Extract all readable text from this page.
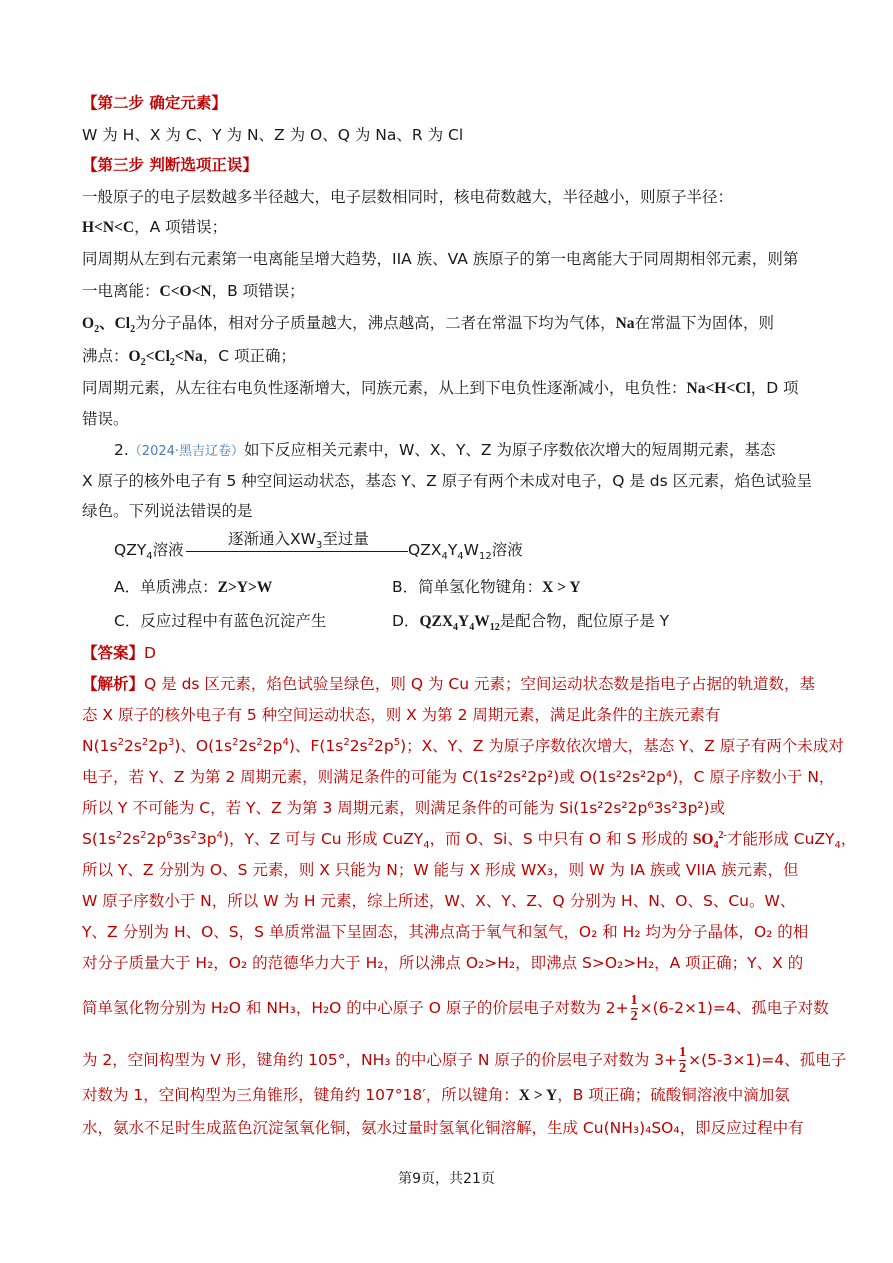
【第二步 确定元素】
W 为 H、X 为 C、Y 为 N、Z 为 O、Q 为 Na、R 为 Cl
【第三步 判断选项正误】
一般原子的电子层数越多半径越大，电子层数相同时，核电荷数越大，半径越小，则原子半径：
H<N<C，A 项错误；
同周期从左到右元素第一电离能呈增大趋势，IIA 族、VA 族原子的第一电离能大于同周期相邻元素，则第
一电离能：C<O<N，B 项错误；
$O_2$、$Cl_2$为分子晶体，相对分子质量越大，沸点越高，二者在常温下均为气体，Na在常温下为固体，则
沸点：$O_2<Cl_2<Na$，C 项正确；
同周期元素，从左往右电负性逐渐增大，同族元素，从上到下电负性逐渐减小，电负性：Na<H<Cl，D 项
错误。
2.（2024·黑吉辽卷）如下反应相关元素中，W、X、Y、Z 为原子序数依次增大的短周期元素，基态
X 原子的核外电子有 5 种空间运动状态，基态 Y、Z 原子有两个未成对电子，Q 是 ds 区元素，焰色试验呈
绿色。下列说法错误的是
$QZY_4$溶液
逐渐通入$XW_3$至过量
$QZX_4Y_4W_{12}$溶液
A．单质沸点：Z>Y>W	B．简单氢化物键角：X > Y
C．反应过程中有蓝色沉淀产生	D．$QZX_4Y_4W_{12}$是配合物，配位原子是 Y
【答案】D
【解析】Q 是 ds 区元素，焰色试验呈绿色，则 Q 为 Cu 元素；空间运动状态数是指电子占据的轨道数，基
态 X 原子的核外电子有 5 种空间运动状态，则 X 为第 2 周期元素，满足此条件的主族元素有
$N(1s^22s^22p^3)$、$O(1s^22s^22p^4)$、$F(1s^22s^22p^5)$；X、Y、Z 为原子序数依次增大，基态 Y、Z 原子有两个未成对
电子，若 Y、Z 为第 2 周期元素，则满足条件的可能为 C(1s²2s²2p²)或 O(1s²2s²2p⁴)，C 原子序数小于 N，
所以 Y 不可能为 C，若 Y、Z 为第 3 周期元素，则满足条件的可能为 Si(1s²2s²2p⁶3s²3p²)或
$S(1s^22s^22p^63s^23p^4)$，Y、Z 可与 Cu 形成 CuZY$_4$，而 O、Si、S 中只有 O 和 S 形成的 $SO_4^{2-}$才能形成 CuZY$_4$，
所以 Y、Z 分别为 O、S 元素，则 X 只能为 N；W 能与 X 形成 WX₃，则 W 为 IA 族或 VIIA 族元素，但
W 原子序数小于 N，所以 W 为 H 元素，综上所述，W、X、Y、Z、Q 分别为 H、N、O、S、Cu。W、
Y、Z 分别为 H、O、S，S 单质常温下呈固态，其沸点高于氧气和氢气，O₂ 和 H₂ 均为分子晶体，O₂ 的相
对分子质量大于 H₂，O₂ 的范德华力大于 H₂，所以沸点 O₂>H₂，即沸点 S>O₂>H₂，A 项正确；Y、X 的
简单氢化物分别为 H₂O 和 NH₃，H₂O 的中心原子 O 原子的价层电子对数为 $2+ \frac{1}{2} \times(6-2\times 1)=4$、孤电子对数
为 2，空间构型为 V 形，键角约 105°，NH₃ 的中心原子 N 原子的价层电子对数为 $3+ \frac{1}{2} \times(5-3\times 1)=4$、孤电子
对数为 1，空间构型为三角锥形，键角约 107°18′，所以键角：X > Y，B 项正确；硫酸铜溶液中滴加氨
水，氨水不足时生成蓝色沉淀氢氧化铜，氨水过量时氢氧化铜溶解，生成 Cu(NH₃)₄SO₄，即反应过程中有
第9页，共21页
